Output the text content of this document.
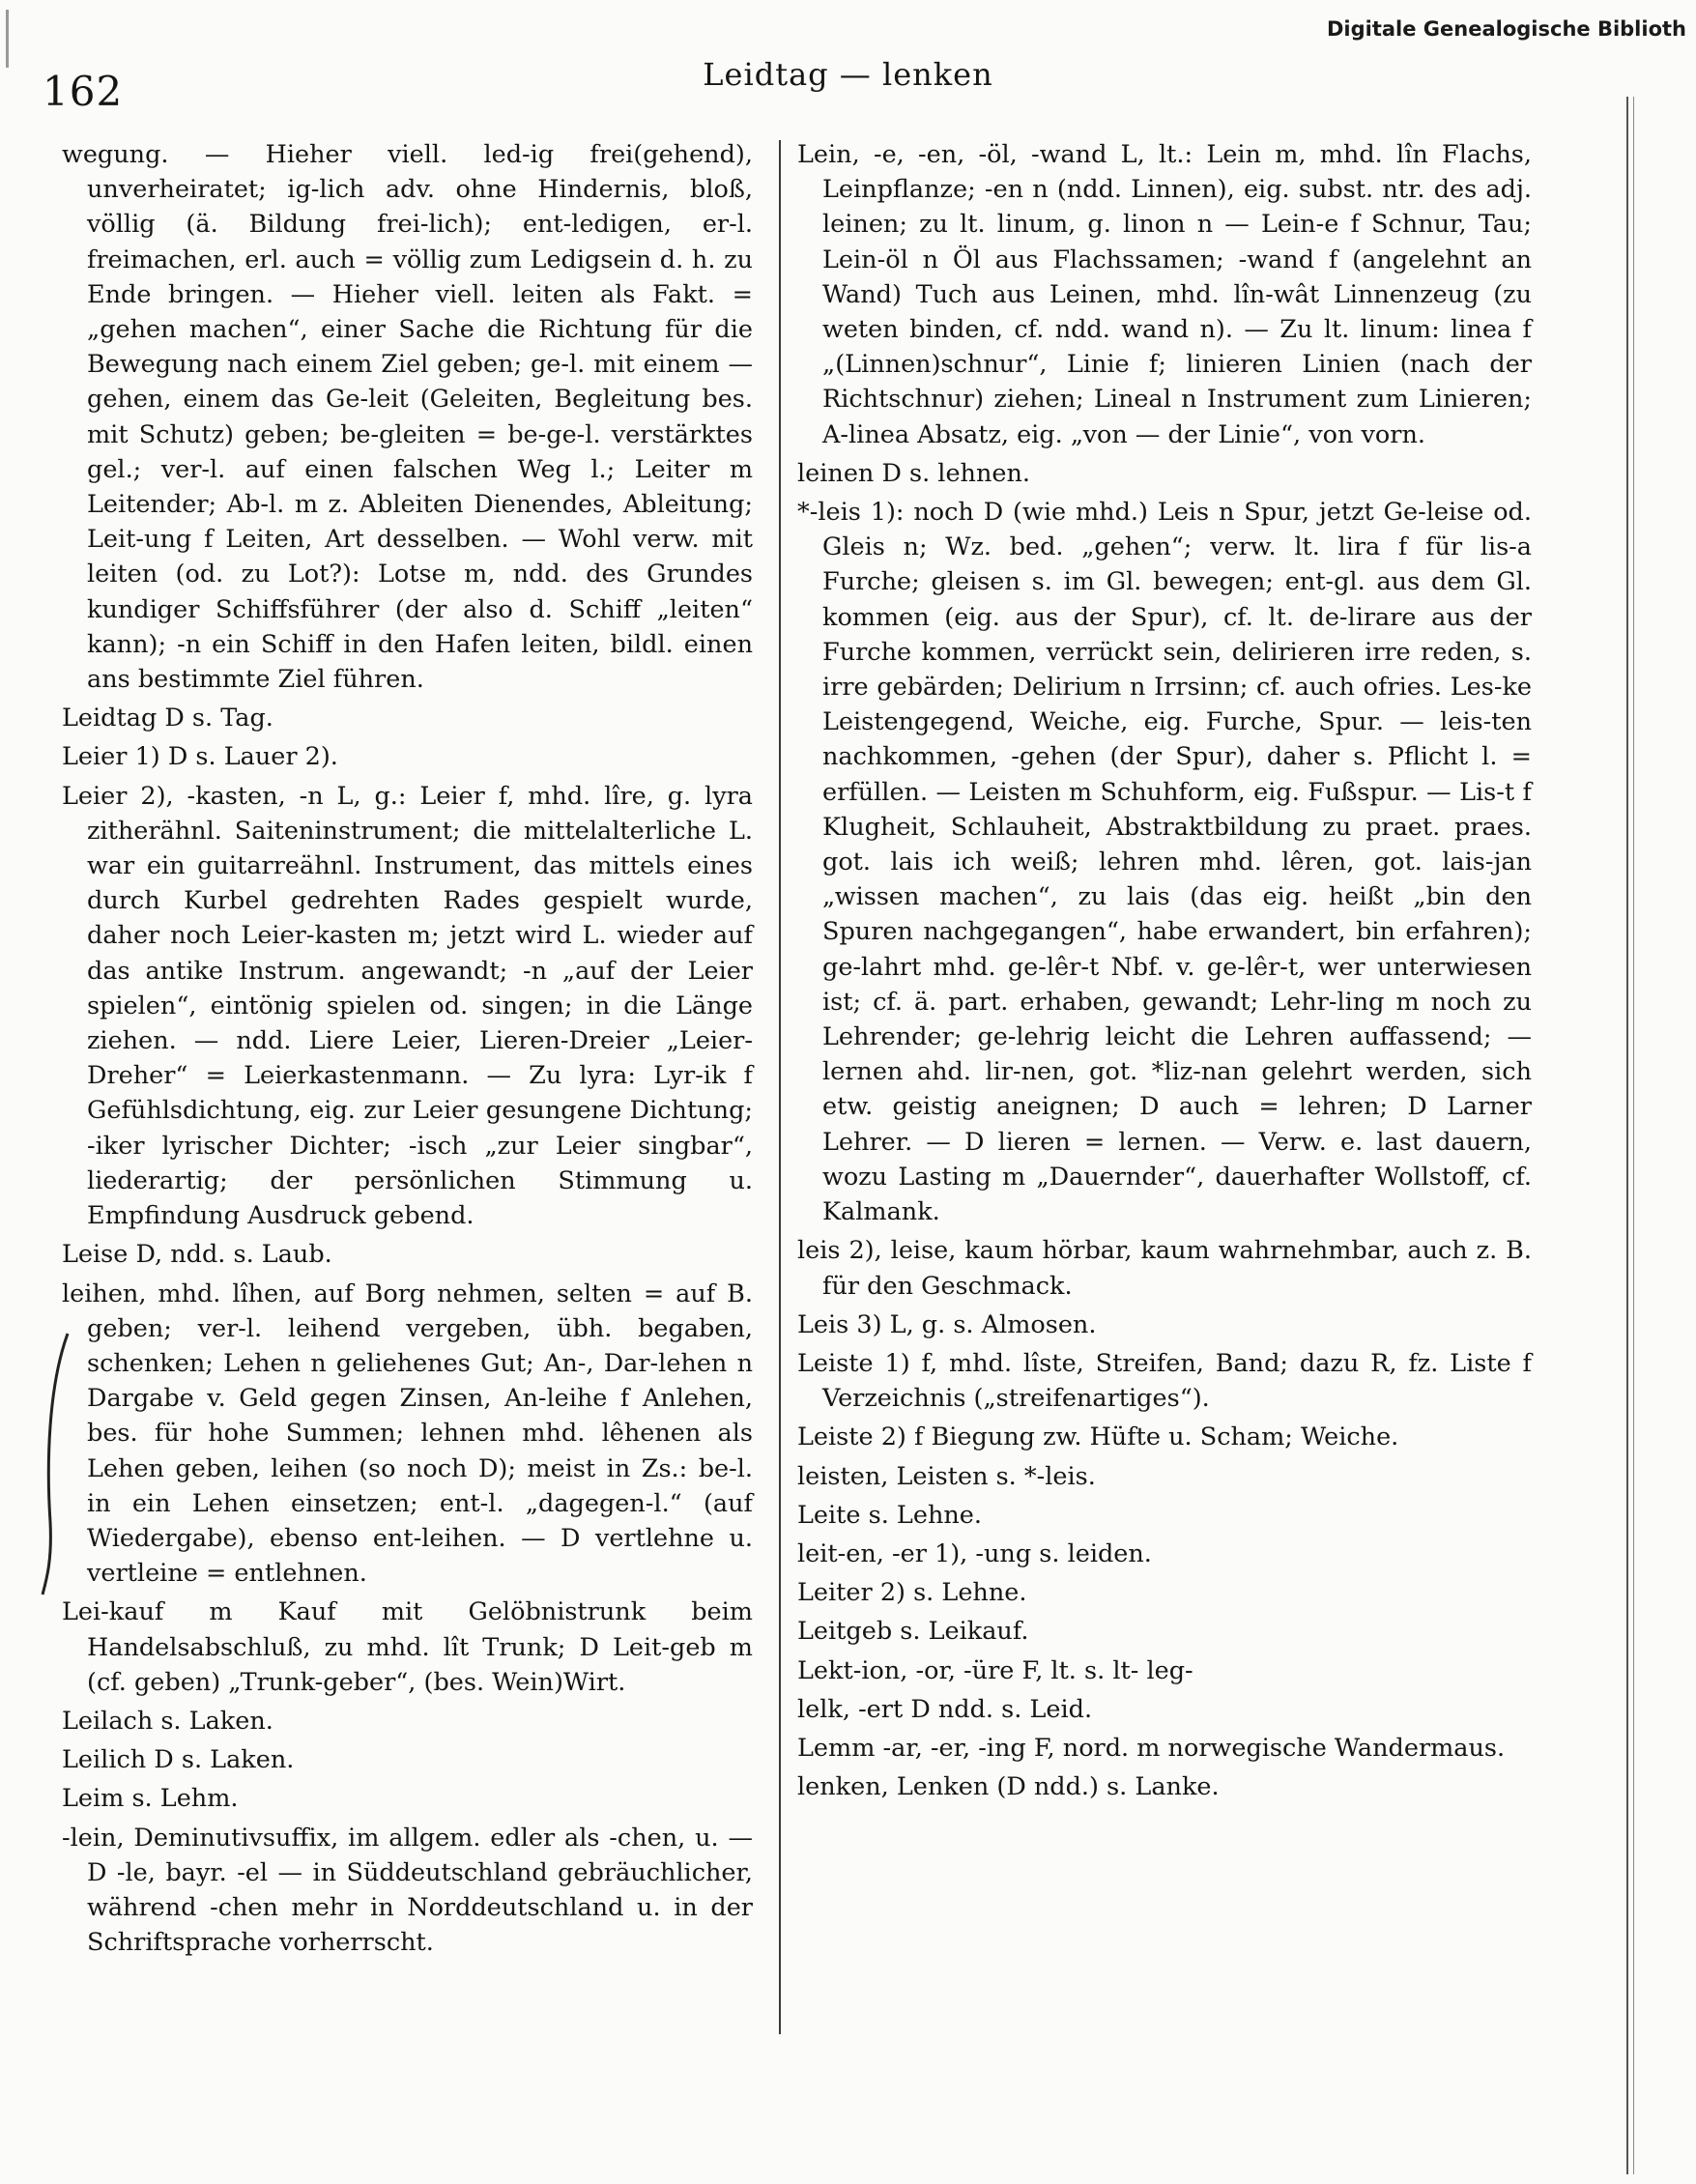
Digitale Genealogische Biblioth
162	Leidtag — lenken

wegung. — Hieher viell. led-ig frei(gehend), unverheiratet; ig-lich adv. ohne Hindernis, bloß, völlig (ä. Bildung frei-lich); ent-ledigen, er-l. freimachen, erl. auch = völlig zum Ledigsein d. h. zu Ende bringen. — Hieher viell. leiten als Fakt. = „gehen machen“, einer Sache die Richtung für die Bewegung nach einem Ziel geben; ge-l. mit einem — gehen, einem das Ge-leit (Geleiten, Begleitung bes. mit Schutz) geben; be-gleiten = be-ge-l. verstärktes gel.; ver-l. auf einen falschen Weg l.; Leiter m Leitender; Ab-l. m z. Ableiten Dienendes, Ableitung; Leit-ung f Leiten, Art desselben. — Wohl verw. mit leiten (od. zu Lot?): Lotse m, ndd. des Grundes kundiger Schiffsführer (der also d. Schiff „leiten“ kann); -n ein Schiff in den Hafen leiten, bildl. einen ans bestimmte Ziel führen.

Leidtag D s. Tag.

Leier 1) D s. Lauer 2).

Leier 2), -kasten, -n L, g.: Leier f, mhd. lîre, g. lyra zitherähnl. Saiteninstrument; die mittelalterliche L. war ein guitarreähnl. Instrument, das mittels eines durch Kurbel gedrehten Rades gespielt wurde, daher noch Leier-kasten m; jetzt wird L. wieder auf das antike Instrum. angewandt; -n „auf der Leier spielen“, eintönig spielen od. singen; in die Länge ziehen. — ndd. Liere Leier, Lieren-Dreier „Leier-Dreher“ = Leierkastenmann. — Zu lyra: Lyr-ik f Gefühlsdichtung, eig. zur Leier gesungene Dichtung; -iker lyrischer Dichter; -isch „zur Leier singbar“, liederartig; der persönlichen Stimmung u. Empfindung Ausdruck gebend.

Leise D, ndd. s. Laub.

leihen, mhd. lîhen, auf Borg nehmen, selten = auf B. geben; ver-l. leihend vergeben, übh. begaben, schenken; Lehen n geliehenes Gut; An-, Dar-lehen n Dargabe v. Geld gegen Zinsen, An-leihe f Anlehen, bes. für hohe Summen; lehnen mhd. lêhenen als Lehen geben, leihen (so noch D); meist in Zs.: be-l. in ein Lehen einsetzen; ent-l. „dagegen-l.“ (auf Wiedergabe), ebenso ent-leihen. — D vertlehne u. vertleine = entlehnen.

Lei-kauf m Kauf mit Gelöbnistrunk beim Handelsabschluß, zu mhd. lît Trunk; D Leit-geb m (cf. geben) „Trunk-geber“, (bes. Wein)Wirt.

Leilach s. Laken.

Leilich D s. Laken.

Leim s. Lehm.

-lein, Deminutivsuffix, im allgem. edler als -chen, u. — D -le, bayr. -el — in Süddeutschland gebräuchlicher, während -chen mehr in Norddeutschland u. in der Schriftsprache vorherrscht.

Lein, -e, -en, -öl, -wand L, lt.: Lein m, mhd. lîn Flachs, Leinpflanze; -en n (ndd. Linnen), eig. subst. ntr. des adj. leinen; zu lt. linum, g. linon n — Lein-e f Schnur, Tau; Lein-öl n Öl aus Flachssamen; -wand f (angelehnt an Wand) Tuch aus Leinen, mhd. lîn-wât Linnenzeug (zu weten binden, cf. ndd. wand n). — Zu lt. linum: linea f „(Linnen)schnur“, Linie f; linieren Linien (nach der Richtschnur) ziehen; Lineal n Instrument zum Linieren; A-linea Absatz, eig. „von — der Linie“, von vorn.

leinen D s. lehnen.

*-leis 1): noch D (wie mhd.) Leis n Spur, jetzt Ge-leise od. Gleis n; Wz. bed. „gehen“; verw. lt. lira f für lis-a Furche; gleisen s. im Gl. bewegen; ent-gl. aus dem Gl. kommen (eig. aus der Spur), cf. lt. de-lirare aus der Furche kommen, verrückt sein, delirieren irre reden, s. irre gebärden; Delirium n Irrsinn; cf. auch ofries. Les-ke Leistengegend, Weiche, eig. Furche, Spur. — leis-ten nachkommen, -gehen (der Spur), daher s. Pflicht l. = erfüllen. — Leisten m Schuhform, eig. Fußspur. — Lis-t f Klugheit, Schlauheit, Abstraktbildung zu praet. praes. got. lais ich weiß; lehren mhd. lêren, got. lais-jan „wissen machen“, zu lais (das eig. heißt „bin den Spuren nachgegangen“, habe erwandert, bin erfahren); ge-lahrt mhd. ge-lêr-t Nbf. v. ge-lêr-t, wer unterwiesen ist; cf. ä. part. erhaben, gewandt; Lehr-ling m noch zu Lehrender; ge-lehrig leicht die Lehren auffassend; — lernen ahd. lir-nen, got. *liz-nan gelehrt werden, sich etw. geistig aneignen; D auch = lehren; D Larner Lehrer. — D lieren = lernen. — Verw. e. last dauern, wozu Lasting m „Dauernder“, dauerhafter Wollstoff, cf. Kalmank.

leis 2), leise, kaum hörbar, kaum wahrnehmbar, auch z. B. für den Geschmack.

Leis 3) L, g. s. Almosen.

Leiste 1) f, mhd. lîste, Streifen, Band; dazu R, fz. Liste f Verzeichnis („streifenartiges“).

Leiste 2) f Biegung zw. Hüfte u. Scham; Weiche.

leisten, Leisten s. *-leis.

Leite s. Lehne.

leit-en, -er 1), -ung s. leiden.

Leiter 2) s. Lehne.

Leitgeb s. Leikauf.

Lekt-ion, -or, -üre F, lt. s. lt- leg-

lelk, -ert D ndd. s. Leid.

Lemm -ar, -er, -ing F, nord. m norwegische Wandermaus.

lenken, Lenken (D ndd.) s. Lanke.
